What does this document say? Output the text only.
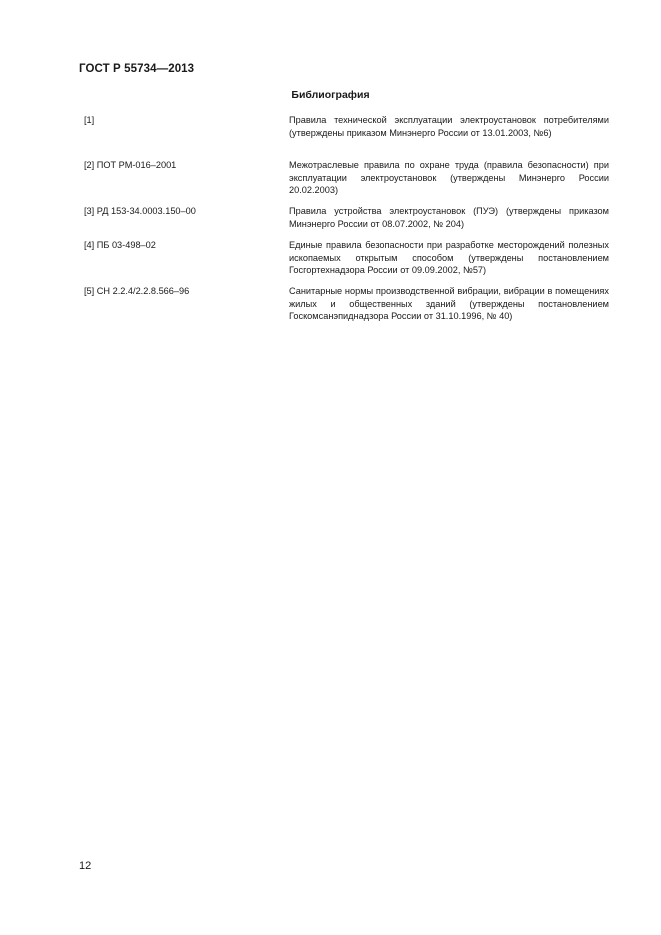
ГОСТ Р 55734—2013
Библиография
[1]	Правила технической эксплуатации электроустановок потребителями (утверждены приказом Минэнерго России от 13.01.2003, №6)
[2] ПОТ РМ-016–2001	Межотраслевые правила по охране труда (правила безопасности) при эксплуатации электроустановок (утверждены Минэнерго России 20.02.2003)
[3] РД 153-34.0003.150–00	Правила устройства электроустановок (ПУЭ) (утверждены приказом Минэнерго России от 08.07.2002, № 204)
[4] ПБ 03-498–02	Единые правила безопасности при разработке месторождений полезных ископаемых открытым способом (утверждены постановлением Госгортехнадзора России от 09.09.2002, №57)
[5] СН 2.2.4/2.2.8.566–96	Санитарные нормы производственной вибрации, вибрации в помещениях жилых и общественных зданий (утверждены постановлением Госкомсанэпиднадзора России от 31.10.1996, № 40)
12
